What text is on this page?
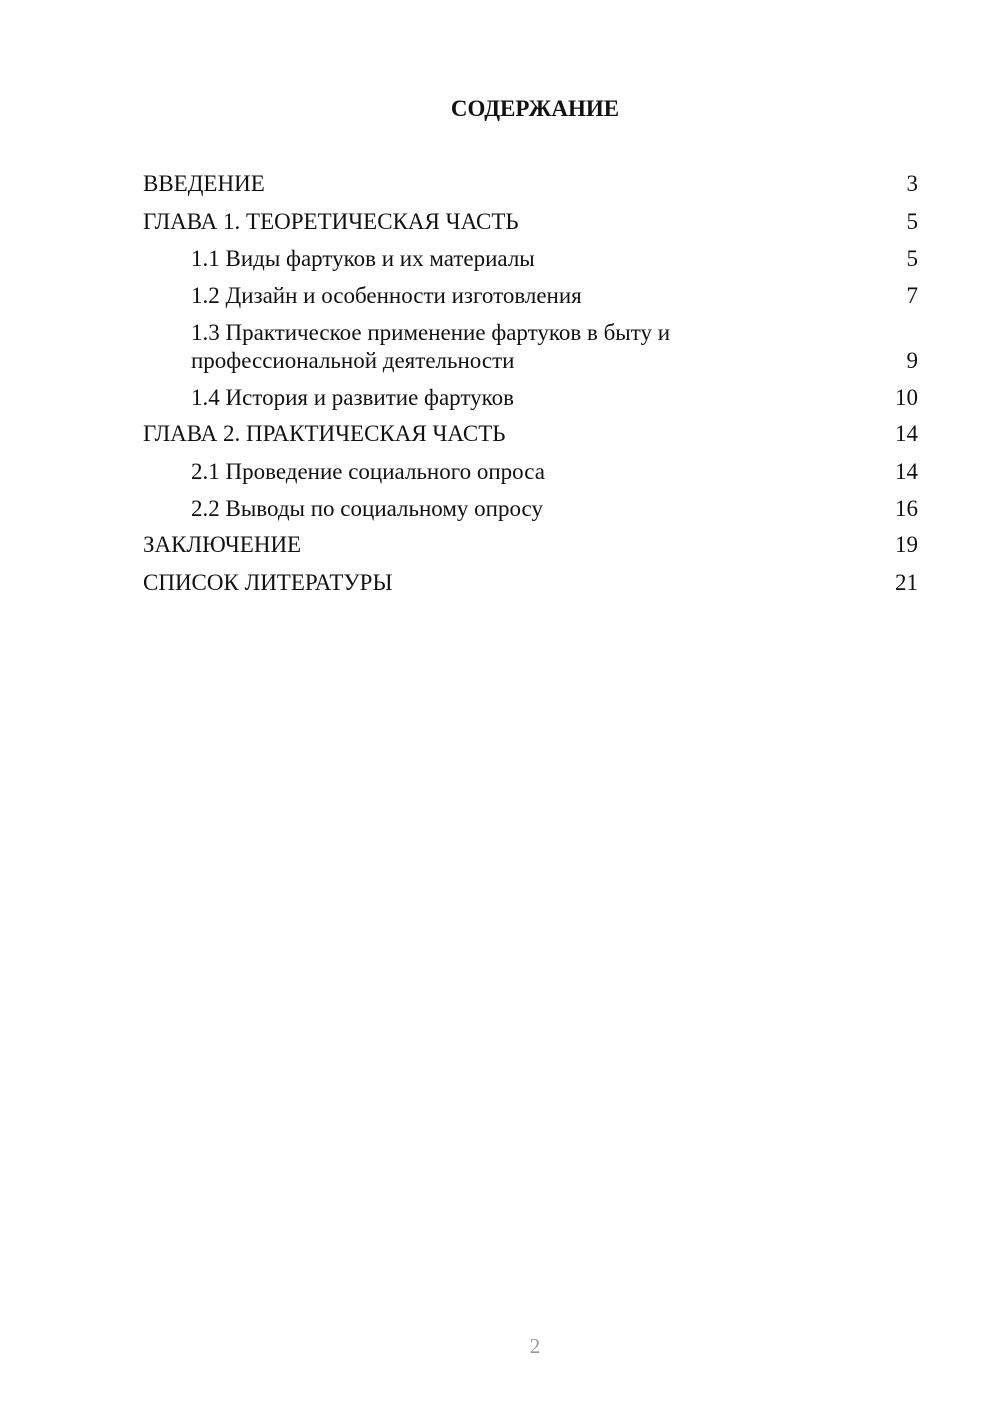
СОДЕРЖАНИЕ
ВВЕДЕНИЕ	3
ГЛАВА 1. ТЕОРЕТИЧЕСКАЯ ЧАСТЬ	5
1.1 Виды фартуков и их материалы	5
1.2 Дизайн и особенности изготовления	7
1.3 Практическое применение фартуков в быту и
профессиональной деятельности	9
1.4 История и развитие фартуков	10
ГЛАВА 2. ПРАКТИЧЕСКАЯ ЧАСТЬ	14
2.1 Проведение социального опроса	14
2.2 Выводы по социальному опросу	16
ЗАКЛЮЧЕНИЕ	19
СПИСОК ЛИТЕРАТУРЫ	21
2
